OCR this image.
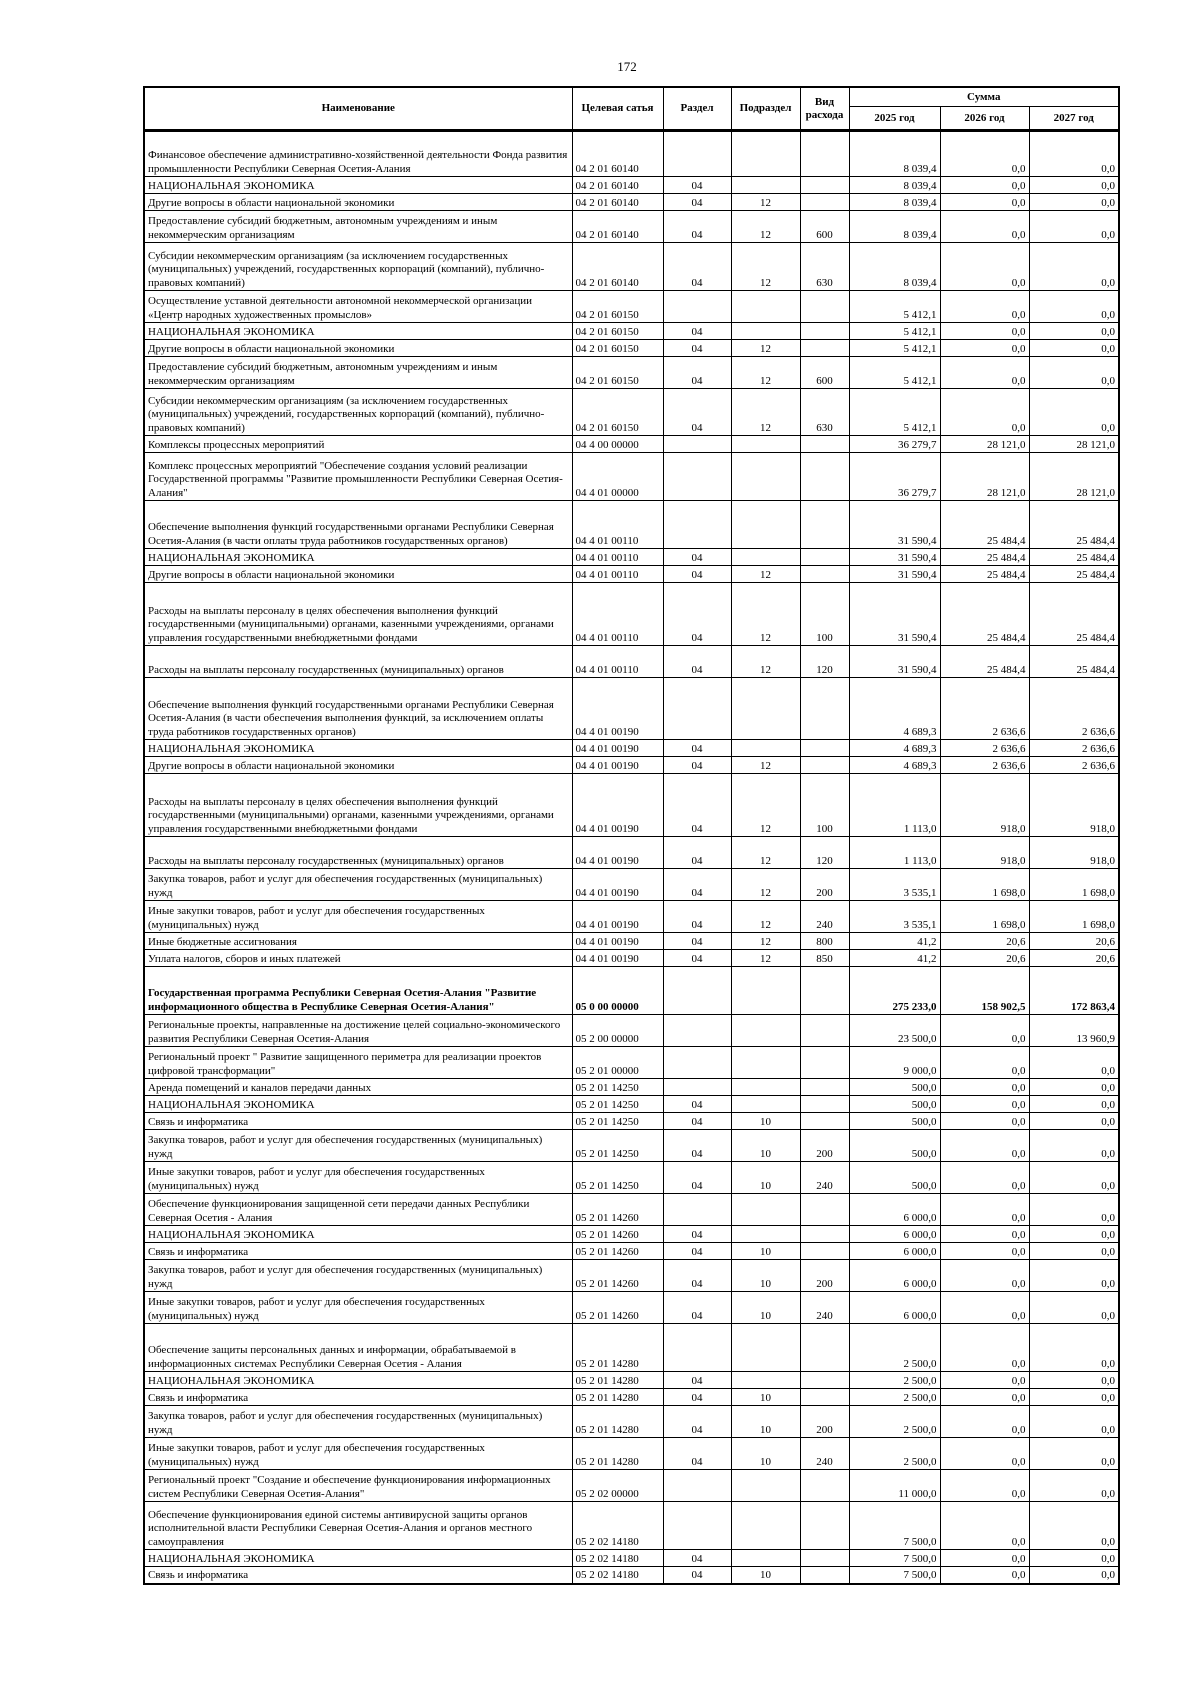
172
Наименование	Целевая сатья	Раздел	Подраздел	Вид расхода	Сумма		
					2025 год	2026 год	2027 год
Финансовое обеспечение административно-хозяйственной деятельности Фонда развития промышленности Республики Северная Осетия-Алания	04 2 01 60140				8 039,4	0,0	0,0
НАЦИОНАЛЬНАЯ ЭКОНОМИКА	04 2 01 60140	04			8 039,4	0,0	0,0
Другие вопросы в области национальной экономики	04 2 01 60140	04	12		8 039,4	0,0	0,0
Предоставление субсидий бюджетным, автономным учреждениям и иным некоммерческим организациям	04 2 01 60140	04	12	600	8 039,4	0,0	0,0
Субсидии некоммерческим организациям (за исключением государственных (муниципальных) учреждений, государственных корпораций (компаний), публично-правовых компаний)	04 2 01 60140	04	12	630	8 039,4	0,0	0,0
Осуществление уставной деятельности автономной некоммерческой организации «Центр народных художественных промыслов»	04 2 01 60150				5 412,1	0,0	0,0
НАЦИОНАЛЬНАЯ ЭКОНОМИКА	04 2 01 60150	04			5 412,1	0,0	0,0
Другие вопросы в области национальной экономики	04 2 01 60150	04	12		5 412,1	0,0	0,0
Предоставление субсидий бюджетным, автономным учреждениям и иным некоммерческим организациям	04 2 01 60150	04	12	600	5 412,1	0,0	0,0
Субсидии некоммерческим организациям (за исключением государственных (муниципальных) учреждений, государственных корпораций (компаний), публично-правовых компаний)	04 2 01 60150	04	12	630	5 412,1	0,0	0,0
Комплексы процессных мероприятий	04 4 00 00000				36 279,7	28 121,0	28 121,0
Комплекс процессных мероприятий "Обеспечение создания условий реализации Государственной программы "Развитие промышленности Республики Северная Осетия-Алания"	04 4 01 00000				36 279,7	28 121,0	28 121,0
Обеспечение выполнения функций государственными органами Республики Северная Осетия-Алания (в части оплаты труда работников государственных органов)	04 4 01 00110				31 590,4	25 484,4	25 484,4
НАЦИОНАЛЬНАЯ ЭКОНОМИКА	04 4 01 00110	04			31 590,4	25 484,4	25 484,4
Другие вопросы в области национальной экономики	04 4 01 00110	04	12		31 590,4	25 484,4	25 484,4
Расходы на выплаты персоналу в целях обеспечения выполнения функций государственными (муниципальными) органами, казенными учреждениями, органами управления государственными внебюджетными фондами	04 4 01 00110	04	12	100	31 590,4	25 484,4	25 484,4
Расходы на выплаты персоналу государственных (муниципальных) органов	04 4 01 00110	04	12	120	31 590,4	25 484,4	25 484,4
Обеспечение выполнения функций государственными органами Республики Северная Осетия-Алания (в части обеспечения выполнения функций, за исключением оплаты труда работников государственных органов)	04 4 01 00190				4 689,3	2 636,6	2 636,6
НАЦИОНАЛЬНАЯ ЭКОНОМИКА	04 4 01 00190	04			4 689,3	2 636,6	2 636,6
Другие вопросы в области национальной экономики	04 4 01 00190	04	12		4 689,3	2 636,6	2 636,6
Расходы на выплаты персоналу в целях обеспечения выполнения функций государственными (муниципальными) органами, казенными учреждениями, органами управления государственными внебюджетными фондами	04 4 01 00190	04	12	100	1 113,0	918,0	918,0
Расходы на выплаты персоналу государственных (муниципальных) органов	04 4 01 00190	04	12	120	1 113,0	918,0	918,0
Закупка товаров, работ и услуг для обеспечения государственных (муниципальных) нужд	04 4 01 00190	04	12	200	3 535,1	1 698,0	1 698,0
Иные закупки товаров, работ и услуг для обеспечения государственных (муниципальных) нужд	04 4 01 00190	04	12	240	3 535,1	1 698,0	1 698,0
Иные бюджетные ассигнования	04 4 01 00190	04	12	800	41,2	20,6	20,6
Уплата налогов, сборов и иных платежей	04 4 01 00190	04	12	850	41,2	20,6	20,6
Государственная программа Республики Северная Осетия-Алания "Развитие информационного общества в Республике Северная Осетия-Алания"	05 0 00 00000				275 233,0	158 902,5	172 863,4
Региональные проекты, направленные на достижение целей социально-экономического развития Республики Северная Осетия-Алания	05 2 00 00000				23 500,0	0,0	13 960,9
Региональный проект " Развитие защищенного периметра для реализации проектов цифровой трансформации"	05 2 01 00000				9 000,0	0,0	0,0
Аренда помещений и каналов передачи данных	05 2 01 14250				500,0	0,0	0,0
НАЦИОНАЛЬНАЯ ЭКОНОМИКА	05 2 01 14250	04			500,0	0,0	0,0
Связь и информатика	05 2 01 14250	04	10		500,0	0,0	0,0
Закупка товаров, работ и услуг для обеспечения государственных (муниципальных) нужд	05 2 01 14250	04	10	200	500,0	0,0	0,0
Иные закупки товаров, работ и услуг для обеспечения государственных (муниципальных) нужд	05 2 01 14250	04	10	240	500,0	0,0	0,0
Обеспечение функционирования защищенной сети передачи данных Республики Северная Осетия - Алания	05 2 01 14260				6 000,0	0,0	0,0
НАЦИОНАЛЬНАЯ ЭКОНОМИКА	05 2 01 14260	04			6 000,0	0,0	0,0
Связь и информатика	05 2 01 14260	04	10		6 000,0	0,0	0,0
Закупка товаров, работ и услуг для обеспечения государственных (муниципальных) нужд	05 2 01 14260	04	10	200	6 000,0	0,0	0,0
Иные закупки товаров, работ и услуг для обеспечения государственных (муниципальных) нужд	05 2 01 14260	04	10	240	6 000,0	0,0	0,0
Обеспечение защиты персональных данных и информации, обрабатываемой в информационных системах Республики Северная Осетия - Алания	05 2 01 14280				2 500,0	0,0	0,0
НАЦИОНАЛЬНАЯ ЭКОНОМИКА	05 2 01 14280	04			2 500,0	0,0	0,0
Связь и информатика	05 2 01 14280	04	10		2 500,0	0,0	0,0
Закупка товаров, работ и услуг для обеспечения государственных (муниципальных) нужд	05 2 01 14280	04	10	200	2 500,0	0,0	0,0
Иные закупки товаров, работ и услуг для обеспечения государственных (муниципальных) нужд	05 2 01 14280	04	10	240	2 500,0	0,0	0,0
Региональный проект "Создание и обеспечение функционирования информационных систем Республики Северная Осетия-Алания"	05 2 02 00000				11 000,0	0,0	0,0
Обеспечение функционирования единой системы антивирусной защиты органов исполнительной власти Республики Северная Осетия-Алания и органов местного самоуправления	05 2 02 14180				7 500,0	0,0	0,0
НАЦИОНАЛЬНАЯ ЭКОНОМИКА	05 2 02 14180	04			7 500,0	0,0	0,0
Связь и информатика	05 2 02 14180	04	10		7 500,0	0,0	0,0
